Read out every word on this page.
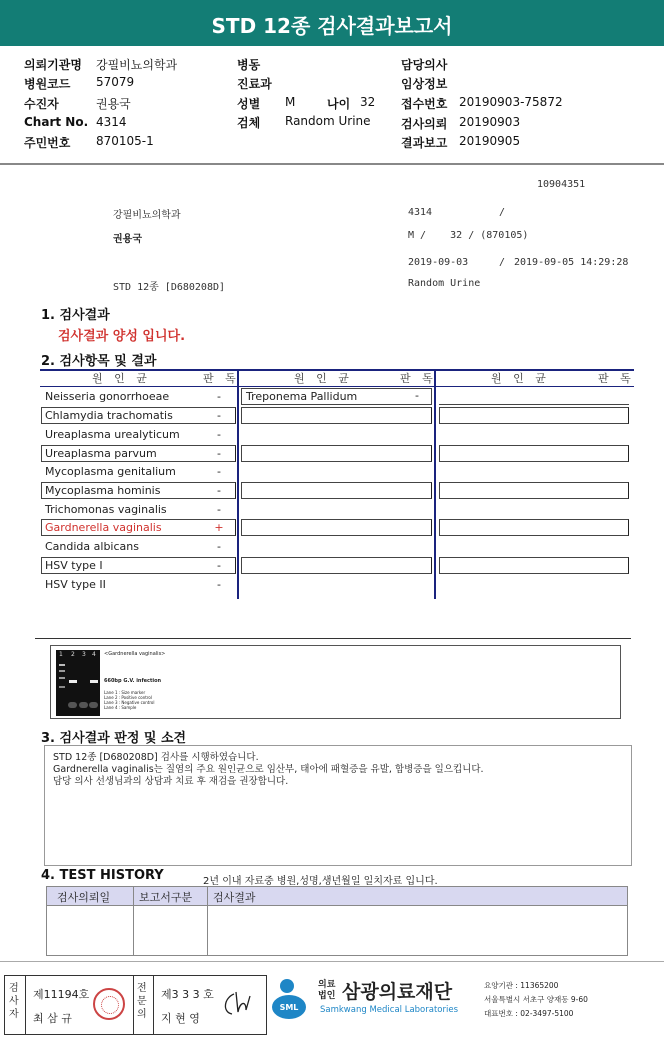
STD 12종 검사결과보고서
의뢰기관명 강필비뇨의학과
병원코드 57079
수진자	권용국
Chart No. 4314
주민번호 870105-1
병동
진료과
성별 M
검체 Random Urine
담당의사
임상정보
접수번호 20190903-75872
검사의뢰 20190903
결과보고 20190905
나이 32
10904351
강필비뇨의학과	4314	/
권용국	M /    32 / (870105)
2019-09-03	/ 2019-09-05 14:29:28
STD 12종 [D680208D]	Random Urine
1. 검사결과
검사결과 양성 입니다.
2. 검사항목 및 결과
원 인 균	판 독	원 인 균	판 독	원 인 균	판 독
Neisseria gonorrhoeae	-
Chlamydia trachomatis	-
Ureaplasma urealyticum	-
Ureaplasma parvum	-
Mycoplasma genitalium	-
Mycoplasma hominis	-
Trichomonas vaginalis	-
Gardnerella vaginalis	+
Candida albicans	-
HSV type I	-
HSV type II	-
Treponema Pallidum	-
1 2 3 4 <Gardnerella vaginalis>
660bp G.V. infection
Lane 1 : Size marker
Lane 2 : Positive control
Lane 3 : Negative control
Lane 4 : Sample
3. 검사결과 판정 및 소견
STD 12종 [D680208D] 검사를 시행하였습니다.
Gardnerella vaginalis는 질염의 주요 원인균으로 임산부, 태아에 패혈증을 유발, 합병증을 일으킵니다.
담당 의사 선생님과의 상담과 치료 후 재검을 권장합니다.
4. TEST HISTORY	2년 이내 자료중 병원,성명,생년월일 일치자료 입니다.
검사의뢰일	보고서구분 검사결과
검
사
자
제11194호
최 삼 규
전
문
의
제3 3 3 호
지 현 영
SML
의료
법인 삼광의료재단
Samkwang Medical Laboratories
요양기관 : 11365200
서울특별시 서초구 양재동 9-60
대표번호 : 02-3497-5100
